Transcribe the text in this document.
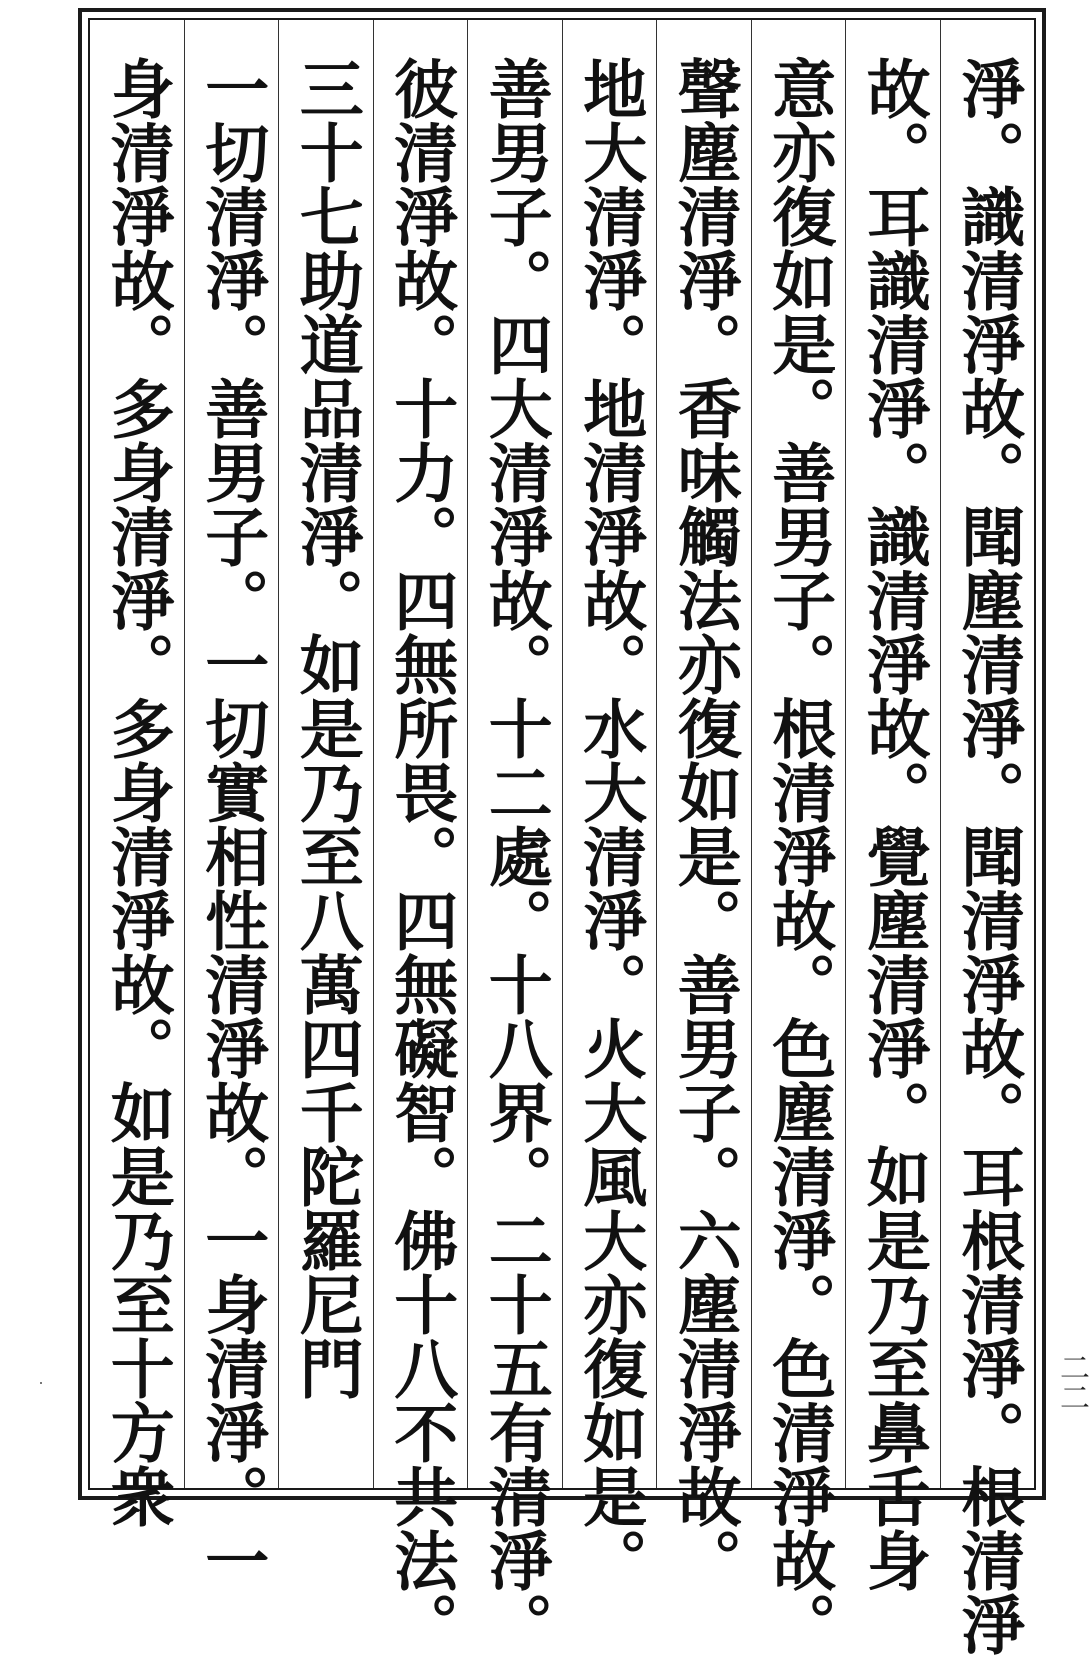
淨。識清淨故。聞塵清淨。聞清淨故。耳根清淨。根清淨
故。耳識清淨。識清淨故。覺塵清淨。如是乃至鼻舌身
意亦復如是。善男子。根清淨故。色塵清淨。色清淨故。
聲塵清淨。香味觸法亦復如是。善男子。六塵清淨故。
地大清淨。地清淨故。水大清淨。火大風大亦復如是。
善男子。四大清淨故。十二處。十八界。二十五有清淨。
彼清淨故。十力。四無所畏。四無礙智。佛十八不共法。
三十七助道品清淨。如是乃至八萬四千陀羅尼門
一切清淨。善男子。一切實相性清淨故。一身清淨。一
身清淨故。多身清淨。多身清淨故。如是乃至十方衆	二二
